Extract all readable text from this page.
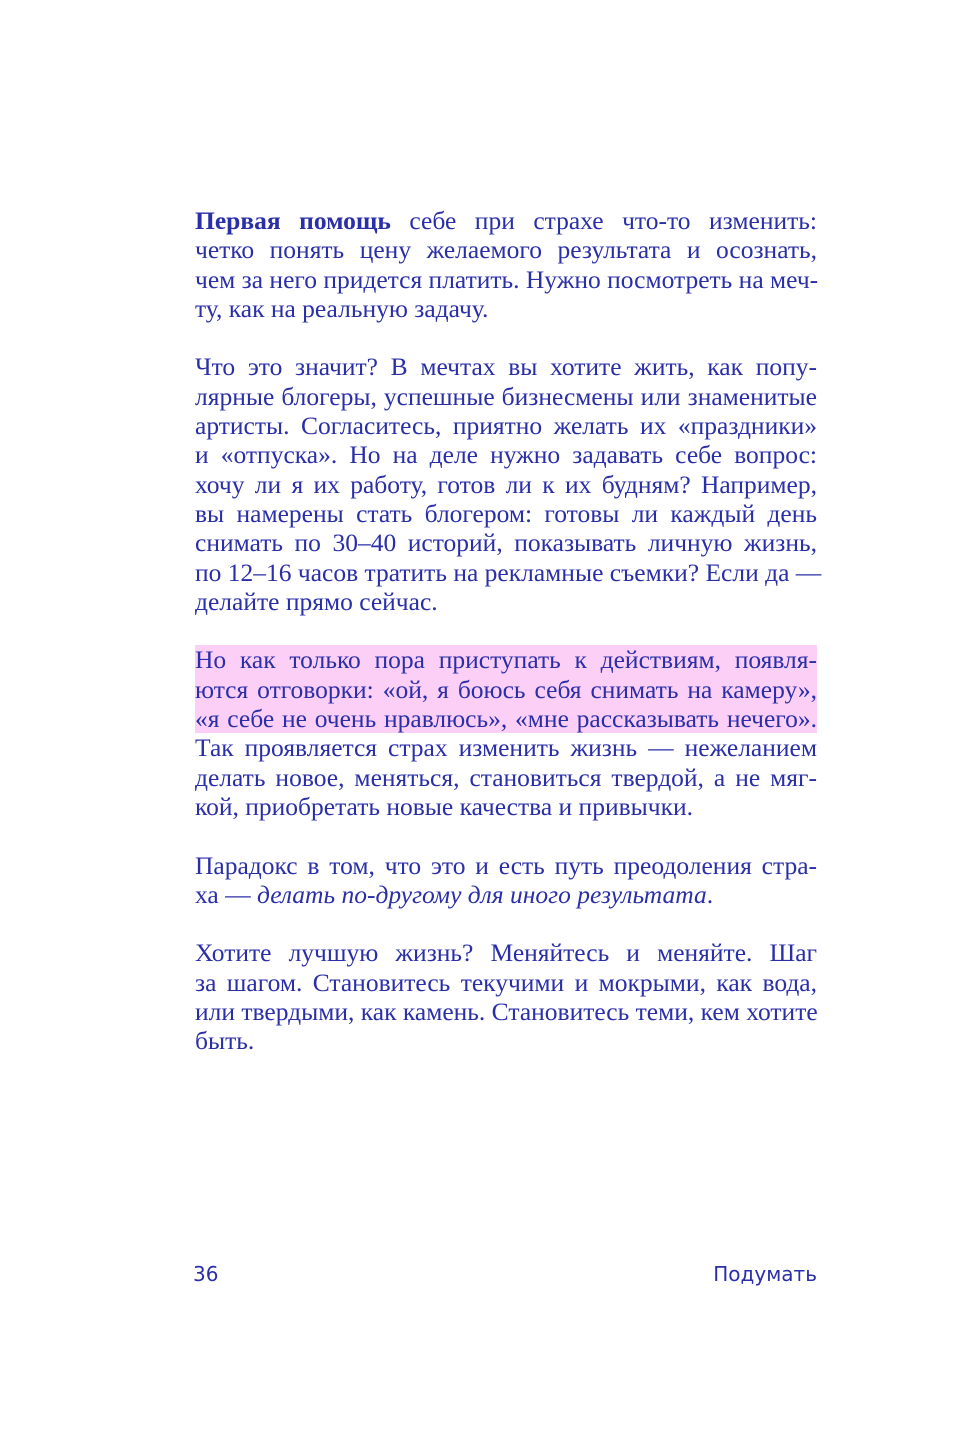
Первая помощь себе при страхе что-то изменить:
четко понять цену желаемого результата и осознать,
чем за него придется платить. Нужно посмотреть на меч-
ту, как на реальную задачу.

Что это значит? В мечтах вы хотите жить, как попу-
лярные блогеры, успешные бизнесмены или знаменитые
артисты. Согласитесь, приятно желать их «праздники»
и «отпуска». Но на деле нужно задавать себе вопрос:
хочу ли я их работу, готов ли к их будням? Например,
вы намерены стать блогером: готовы ли каждый день
снимать по 30–40 историй, показывать личную жизнь,
по 12–16 часов тратить на рекламные съемки? Если да —
делайте прямо сейчас.

Но как только пора приступать к действиям, появля-
ются отговорки: «ой, я боюсь себя снимать на камеру»,
«я себе не очень нравлюсь», «мне рассказывать нечего».
Так проявляется страх изменить жизнь — нежеланием
делать новое, меняться, становиться твердой, а не мяг-
кой, приобретать новые качества и привычки.

Парадокс в том, что это и есть путь преодоления стра-
ха — делать по-другому для иного результата.

Хотите лучшую жизнь? Меняйтесь и меняйте. Шаг
за шагом. Становитесь текучими и мокрыми, как вода,
или твердыми, как камень. Становитесь теми, кем хотите
быть.

36	Подумать
